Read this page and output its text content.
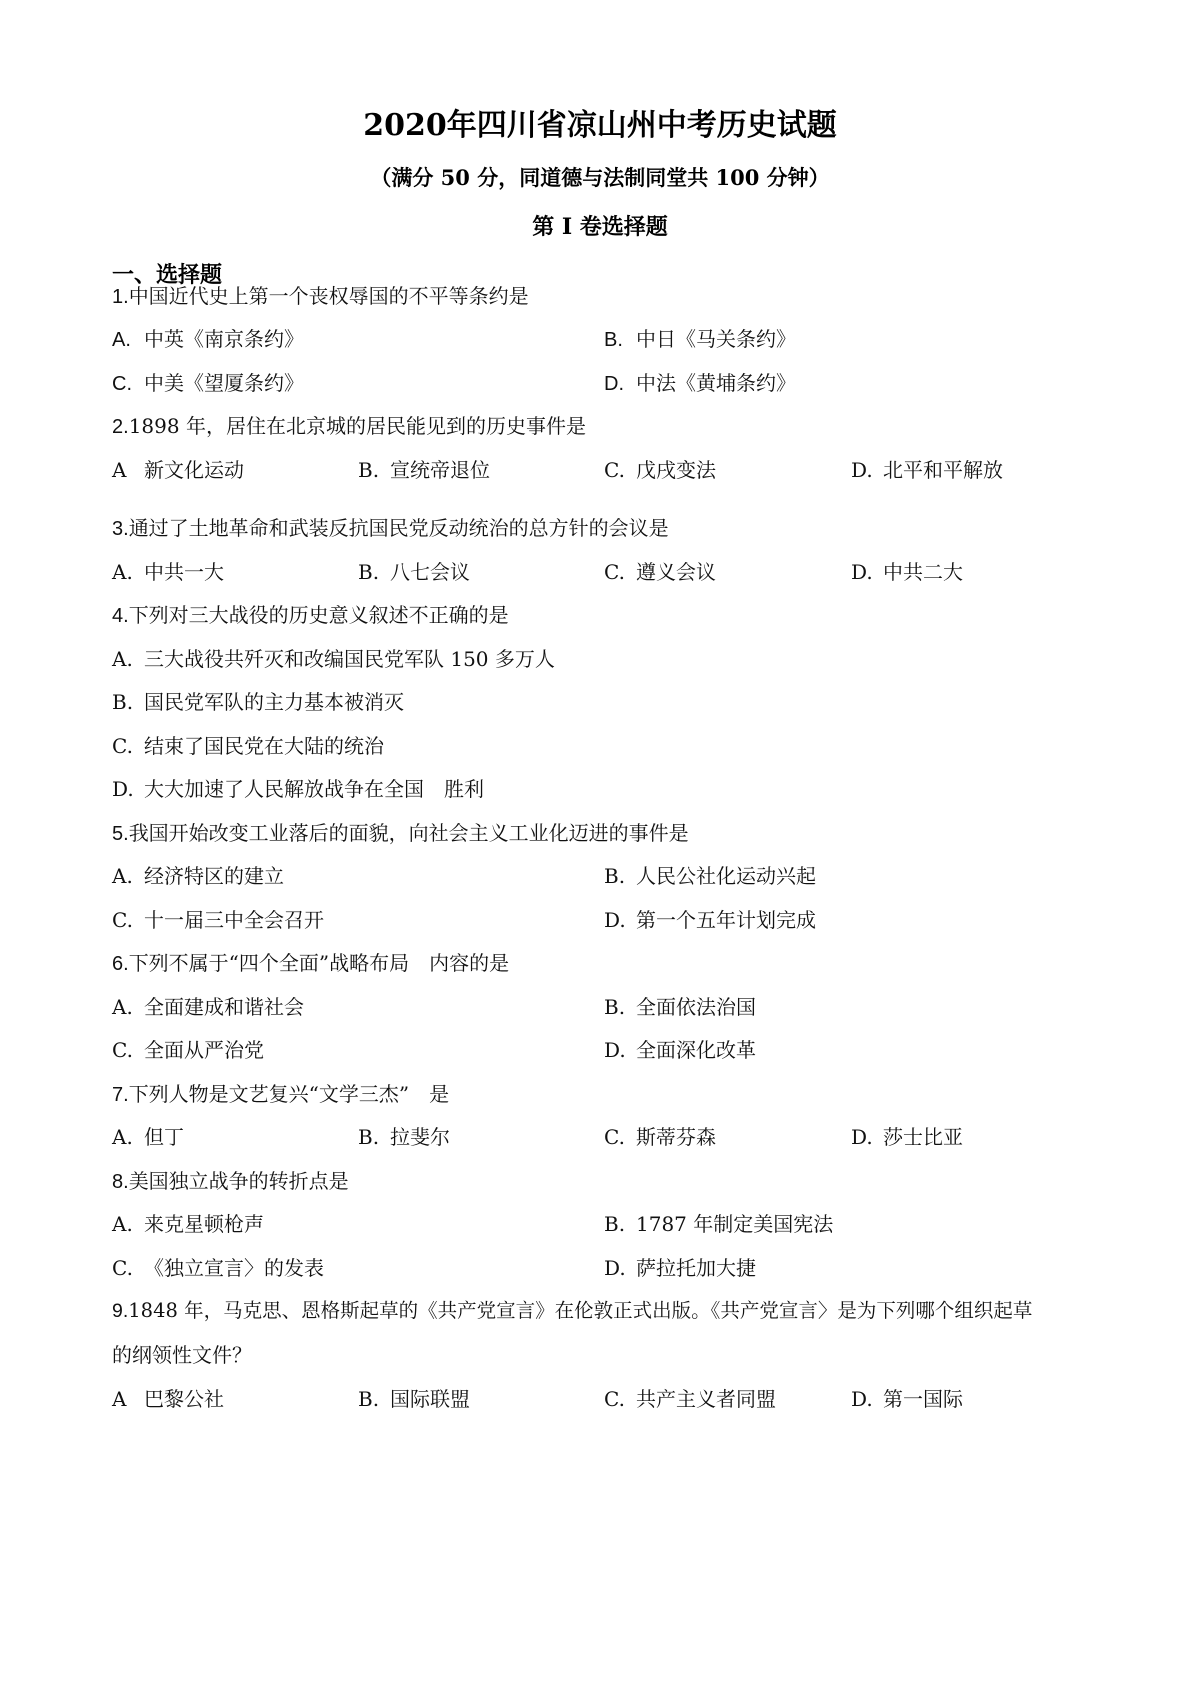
2020年四川省凉山州中考历史试题
（满分 50 分，同道德与法制同堂共 100 分钟）
第 I 卷选择题
一、选择题
1.中国近代史上第一个丧权辱国的不平等条约是
A. 中英《南京条约》	B. 中日《马关条约》
C. 中美《望厦条约》	D. 中法《黄埔条约》
2.1898 年，居住在北京城的居民能见到的历史事件是
A 新文化运动	B. 宣统帝退位	C. 戊戌变法	D. 北平和平解放
3.通过了土地革命和武装反抗国民党反动统治的总方针的会议是
A. 中共一大	B. 八七会议	C. 遵义会议	D. 中共二大
4.下列对三大战役的历史意义叙述不正确的是
A. 三大战役共歼灭和改编国民党军队 150 多万人
B. 国民党军队的主力基本被消灭
C. 结束了国民党在大陆的统治
D. 大大加速了人民解放战争在全国　胜利
5.我国开始改变工业落后的面貌，向社会主义工业化迈进的事件是
A. 经济特区的建立	B. 人民公社化运动兴起
C. 十一届三中全会召开	D. 第一个五年计划完成
6.下列不属于“四个全面”战略布局　内容的是
A. 全面建成和谐社会	B. 全面依法治国
C. 全面从严治党	D. 全面深化改革
7.下列人物是文艺复兴“文学三杰”　是
A. 但丁	B. 拉斐尔	C. 斯蒂芬森	D. 莎士比亚
8.美国独立战争的转折点是
A. 来克星顿枪声	B. 1787 年制定美国宪法
C. 《独立宣言〉的发表	D. 萨拉托加大捷
9.1848 年，马克思、恩格斯起草的《共产党宣言》在伦敦正式出版。《共产党宣言〉是为下列哪个组织起草
的纲领性文件？
A 巴黎公社	B. 国际联盟	C. 共产主义者同盟	D. 第一国际
